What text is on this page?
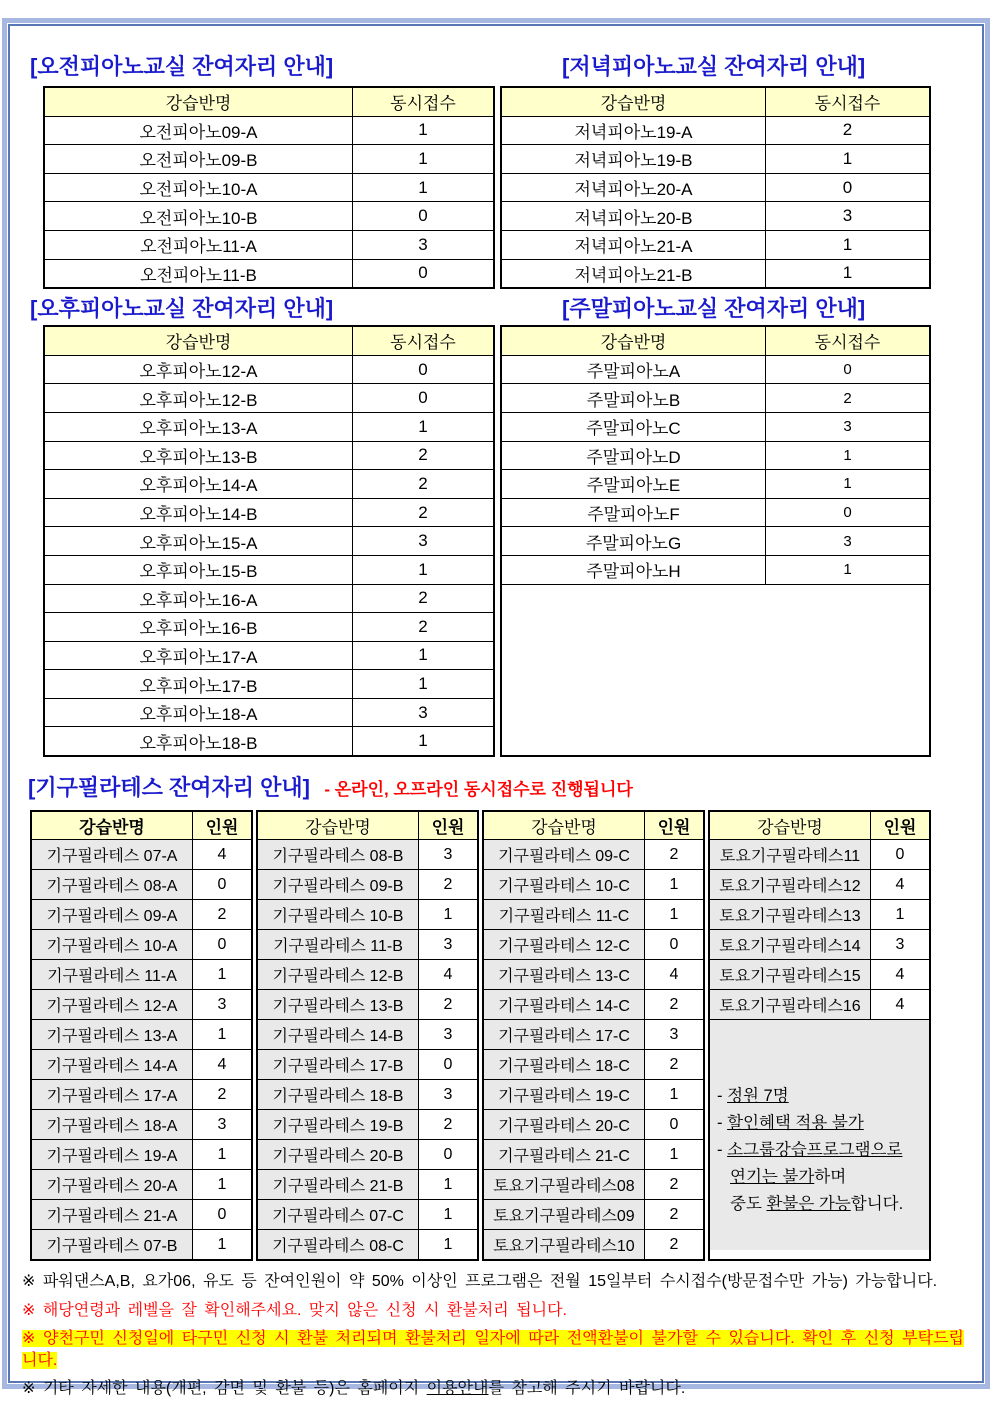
[오전피아노교실 잔여자리 안내]	[저녁피아노교실 잔여자리 안내]
강습반명	동시접수
오전피아노09-A	1
오전피아노09-B	1
오전피아노10-A	1
오전피아노10-B	0
오전피아노11-A	3
오전피아노11-B	0
강습반명	동시접수
저녁피아노19-A	2
저녁피아노19-B	1
저녁피아노20-A	0
저녁피아노20-B	3
저녁피아노21-A	1
저녁피아노21-B	1
[오후피아노교실 잔여자리 안내]	[주말피아노교실 잔여자리 안내]
강습반명	동시접수
오후피아노12-A	0
오후피아노12-B	0
오후피아노13-A	1
오후피아노13-B	2
오후피아노14-A	2
오후피아노14-B	2
오후피아노15-A	3
오후피아노15-B	1
오후피아노16-A	2
오후피아노16-B	2
오후피아노17-A	1
오후피아노17-B	1
오후피아노18-A	3
오후피아노18-B	1
강습반명	동시접수
주말피아노A	0
주말피아노B	2
주말피아노C	3
주말피아노D	1
주말피아노E	1
주말피아노F	0
주말피아노G	3
주말피아노H	1
[기구필라테스 잔여자리 안내] - 온라인, 오프라인 동시접수로 진행됩니다
강습반명	인원
기구필라테스 07-A	4
기구필라테스 08-A	0
기구필라테스 09-A	2
기구필라테스 10-A	0
기구필라테스 11-A	1
기구필라테스 12-A	3
기구필라테스 13-A	1
기구필라테스 14-A	4
기구필라테스 17-A	2
기구필라테스 18-A	3
기구필라테스 19-A	1
기구필라테스 20-A	1
기구필라테스 21-A	0
기구필라테스 07-B	1
강습반명	인원
기구필라테스 08-B	3
기구필라테스 09-B	2
기구필라테스 10-B	1
기구필라테스 11-B	3
기구필라테스 12-B	4
기구필라테스 13-B	2
기구필라테스 14-B	3
기구필라테스 17-B	0
기구필라테스 18-B	3
기구필라테스 19-B	2
기구필라테스 20-B	0
기구필라테스 21-B	1
기구필라테스 07-C	1
기구필라테스 08-C	1
강습반명	인원
기구필라테스 09-C	2
기구필라테스 10-C	1
기구필라테스 11-C	1
기구필라테스 12-C	0
기구필라테스 13-C	4
기구필라테스 14-C	2
기구필라테스 17-C	3
기구필라테스 18-C	2
기구필라테스 19-C	1
기구필라테스 20-C	0
기구필라테스 21-C	1
토요기구필라테스08	2
토요기구필라테스09	2
토요기구필라테스10	2
강습반명	인원
토요기구필라테스11	0
토요기구필라테스12	4
토요기구필라테스13	1
토요기구필라테스14	3
토요기구필라테스15	4
토요기구필라테스16	4
- 정원 7명
- 할인혜택 적용 불가
- 소그룹강습프로그램으로
연기는 불가하며
중도 환불은 가능합니다.
※ 파워댄스A,B, 요가06, 유도 등 잔여인원이 약 50% 이상인 프로그램은 전월 15일부터 수시접수(방문접수만 가능) 가능합니다.
※ 해당연령과 레벨을 잘 확인해주세요. 맞지 않은 신청 시 환불처리 됩니다.
※ 양천구민 신청일에 타구민 신청 시 환불 처리되며 환불처리 일자에 따라 전액환불이 불가할 수 있습니다. 확인 후 신청 부탁드립니다.
※ 기타 자세한 내용(개편, 감면 및 환불 등)은 홈페이지 이용안내를 참고해 주시기 바랍니다.
